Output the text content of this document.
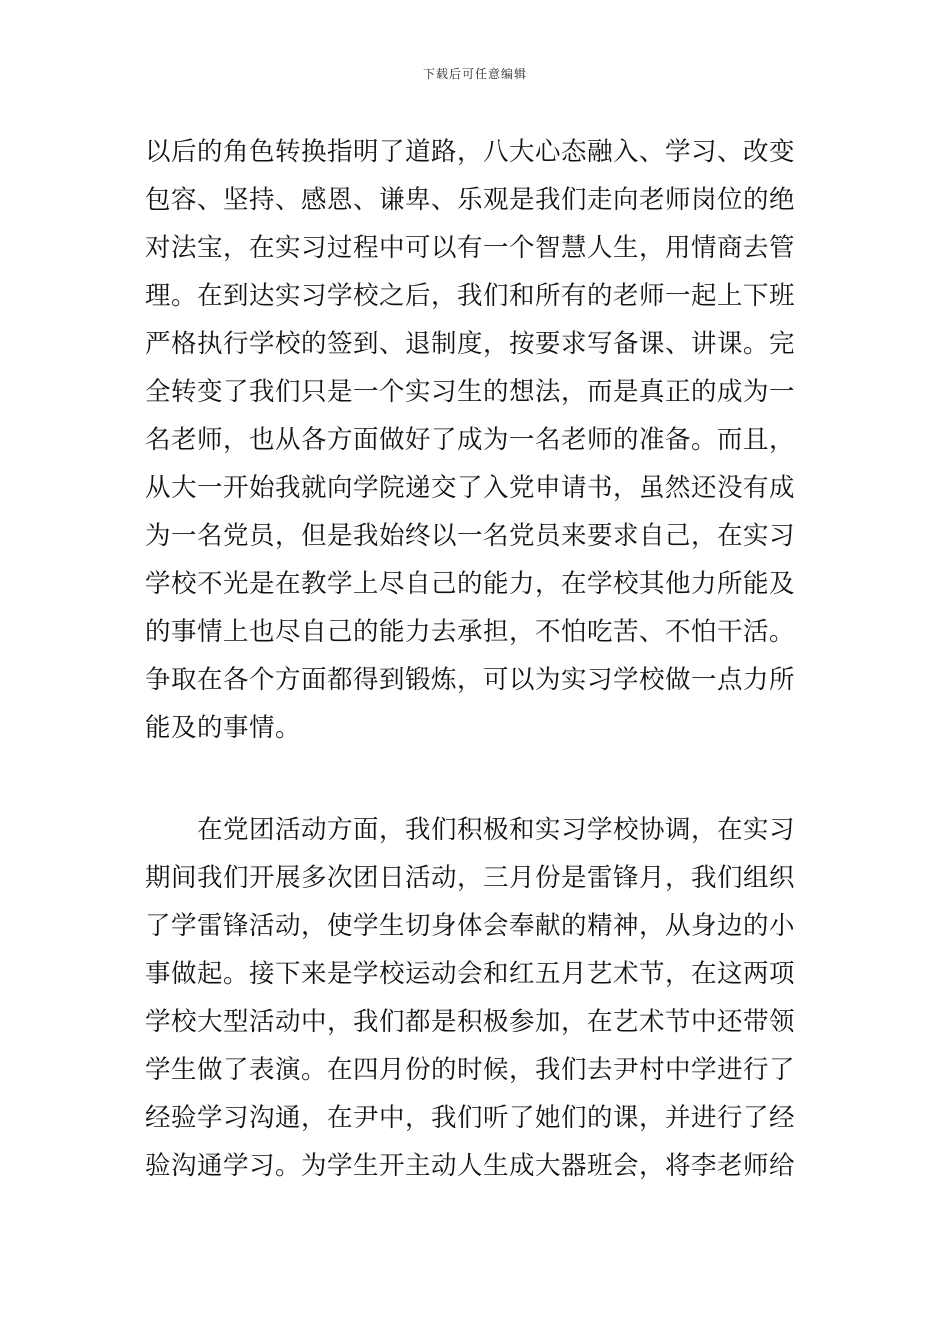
下载后可任意编辑

以后的角色转换指明了道路，八大心态融入、学习、改变

包容、坚持、感恩、谦卑、乐观是我们走向老师岗位的绝

对法宝，在实习过程中可以有一个智慧人生，用情商去管

理。在到达实习学校之后，我们和所有的老师一起上下班

严格执行学校的签到、退制度，按要求写备课、讲课。完

全转变了我们只是一个实习生的想法，而是真正的成为一

名老师，也从各方面做好了成为一名老师的准备。而且，

从大一开始我就向学院递交了入党申请书，虽然还没有成

为一名党员，但是我始终以一名党员来要求自己，在实习

学校不光是在教学上尽自己的能力，在学校其他力所能及

的事情上也尽自己的能力去承担，不怕吃苦、不怕干活。

争取在各个方面都得到锻炼，可以为实习学校做一点力所

能及的事情。

在党团活动方面，我们积极和实习学校协调，在实习

期间我们开展多次团日活动，三月份是雷锋月，我们组织

了学雷锋活动，使学生切身体会奉献的精神，从身边的小

事做起。接下来是学校运动会和红五月艺术节，在这两项

学校大型活动中，我们都是积极参加，在艺术节中还带领

学生做了表演。在四月份的时候，我们去尹村中学进行了

经验学习沟通，在尹中，我们听了她们的课，并进行了经

验沟通学习。为学生开主动人生成大器班会，将李老师给
